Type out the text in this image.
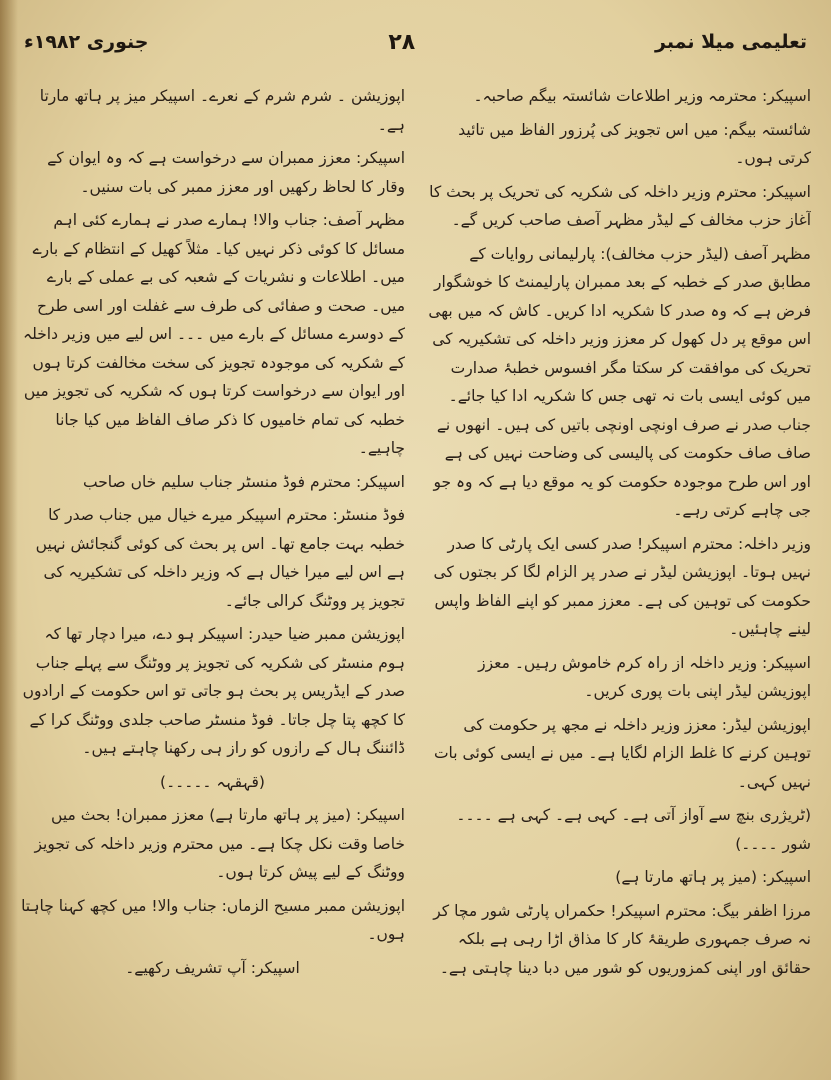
تعلیمی میلا نمبر
۲۸
جنوری ۱۹۸۲ء

اسپیکر: محترمہ وزیر اطلاعات شائستہ بیگم صاحبہ۔

شائستہ بیگم: میں اس تجویز کی پُرزور الفاظ میں تائید کرتی ہوں۔

اسپیکر: محترم وزیر داخلہ کی شکریہ کی تحریک پر بحث کا آغاز حزب مخالف کے لیڈر مظہر آصف صاحب کریں گے۔

مظہر آصف (لیڈر حزب مخالف): پارلیمانی روایات کے مطابق صدر کے خطبہ کے بعد ممبران پارلیمنٹ کا خوشگوار فرض ہے کہ وہ صدر کا شکریہ ادا کریں۔ کاش کہ میں بھی اس موقع پر دل کھول کر معزز وزیر داخلہ کی تشکیریہ کی تحریک کی موافقت کر سکتا مگر افسوس خطبۂ صدارت میں کوئی ایسی بات نہ تھی جس کا شکریہ ادا کیا جائے۔ جناب صدر نے صرف اونچی اونچی باتیں کی ہیں۔ انھوں نے صاف صاف حکومت کی پالیسی کی وضاحت نہیں کی ہے اور اس طرح موجودہ حکومت کو یہ موقع دیا ہے کہ وہ جو جی چاہے کرتی رہے۔

وزیر داخلہ: محترم اسپیکر! صدر کسی ایک پارٹی کا صدر نہیں ہوتا۔ اپوزیشن لیڈر نے صدر پر الزام لگا کر بجتوں کی حکومت کی توہین کی ہے۔ معزز ممبر کو اپنے الفاظ واپس لینے چاہئیں۔

اسپیکر: وزیر داخلہ از راہ کرم خاموش رہیں۔ معزز اپوزیشن لیڈر اپنی بات پوری کریں۔

اپوزیشن لیڈر: معزز وزیر داخلہ نے مجھ پر حکومت کی توہین کرنے کا غلط الزام لگایا ہے۔ میں نے ایسی کوئی بات نہیں کہی۔

(ٹریژری بنچ سے آواز آتی ہے۔ کہی ہے۔ کہی ہے ۔۔۔۔ شور ۔۔۔۔)

اسپیکر: (میز پر ہاتھ مارتا ہے)

مرزا اظفر بیگ: محترم اسپیکر! حکمراں پارٹی شور مچا کر نہ صرف جمہوری طریقۂ کار کا مذاق اڑا رہی ہے بلکہ حقائق اور اپنی کمزوریوں کو شور میں دبا دینا چاہتی ہے۔

اپوزیشن ۔ شرم شرم کے نعرے۔ اسپیکر میز پر ہاتھ مارتا ہے۔

اسپیکر: معزز ممبران سے درخواست ہے کہ وہ ایوان کے وقار کا لحاظ رکھیں اور معزز ممبر کی بات سنیں۔

مظہر آصف: جناب والا! ہمارے صدر نے ہمارے کئی اہم مسائل کا کوئی ذکر نہیں کیا۔ مثلاً کھیل کے انتظام کے بارے میں۔ اطلاعات و نشریات کے شعبہ کی بے عملی کے بارے میں۔ صحت و صفائی کی طرف سے غفلت اور اسی طرح کے دوسرے مسائل کے بارے میں ۔۔۔ اس لیے میں وزیر داخلہ کے شکریہ کی موجودہ تجویز کی سخت مخالفت کرتا ہوں اور ایوان سے درخواست کرتا ہوں کہ شکریہ کی تجویز میں خطبہ کی تمام خامیوں کا ذکر صاف الفاظ میں کیا جانا چاہیے۔

اسپیکر: محترم فوڈ منسٹر جناب سلیم خاں صاحب

فوڈ منسٹر: محترم اسپیکر میرے خیال میں جناب صدر کا خطبہ بہت جامع تھا۔ اس پر بحث کی کوئی گنجائش نہیں ہے اس لیے میرا خیال ہے کہ وزیر داخلہ کی تشکیریہ کی تجویز پر ووٹنگ کرالی جائے۔

اپوزیشن ممبر ضیا حیدر: اسپیکر ہو دے، میرا دچار تھا کہ ہوم منسٹر کی شکریہ کی تجویز پر ووٹنگ سے پہلے جناب صدر کے ایڈریس پر بحث ہو جاتی تو اس حکومت کے ارادوں کا کچھ پتا چل جاتا۔ فوڈ منسٹر صاحب جلدی ووٹنگ کرا کے ڈائننگ ہال کے رازوں کو راز ہی رکھنا چاہتے ہیں۔

(قہقہہ ۔۔۔۔۔)

اسپیکر: (میز پر ہاتھ مارتا ہے) معزز ممبران! بحث میں خاصا وقت نکل چکا ہے۔ میں محترم وزیر داخلہ کی تجویز ووٹنگ کے لیے پیش کرتا ہوں۔

اپوزیشن ممبر مسیح الزماں: جناب والا! میں کچھ کہنا چاہتا ہوں۔

اسپیکر: آپ تشریف رکھیے۔
